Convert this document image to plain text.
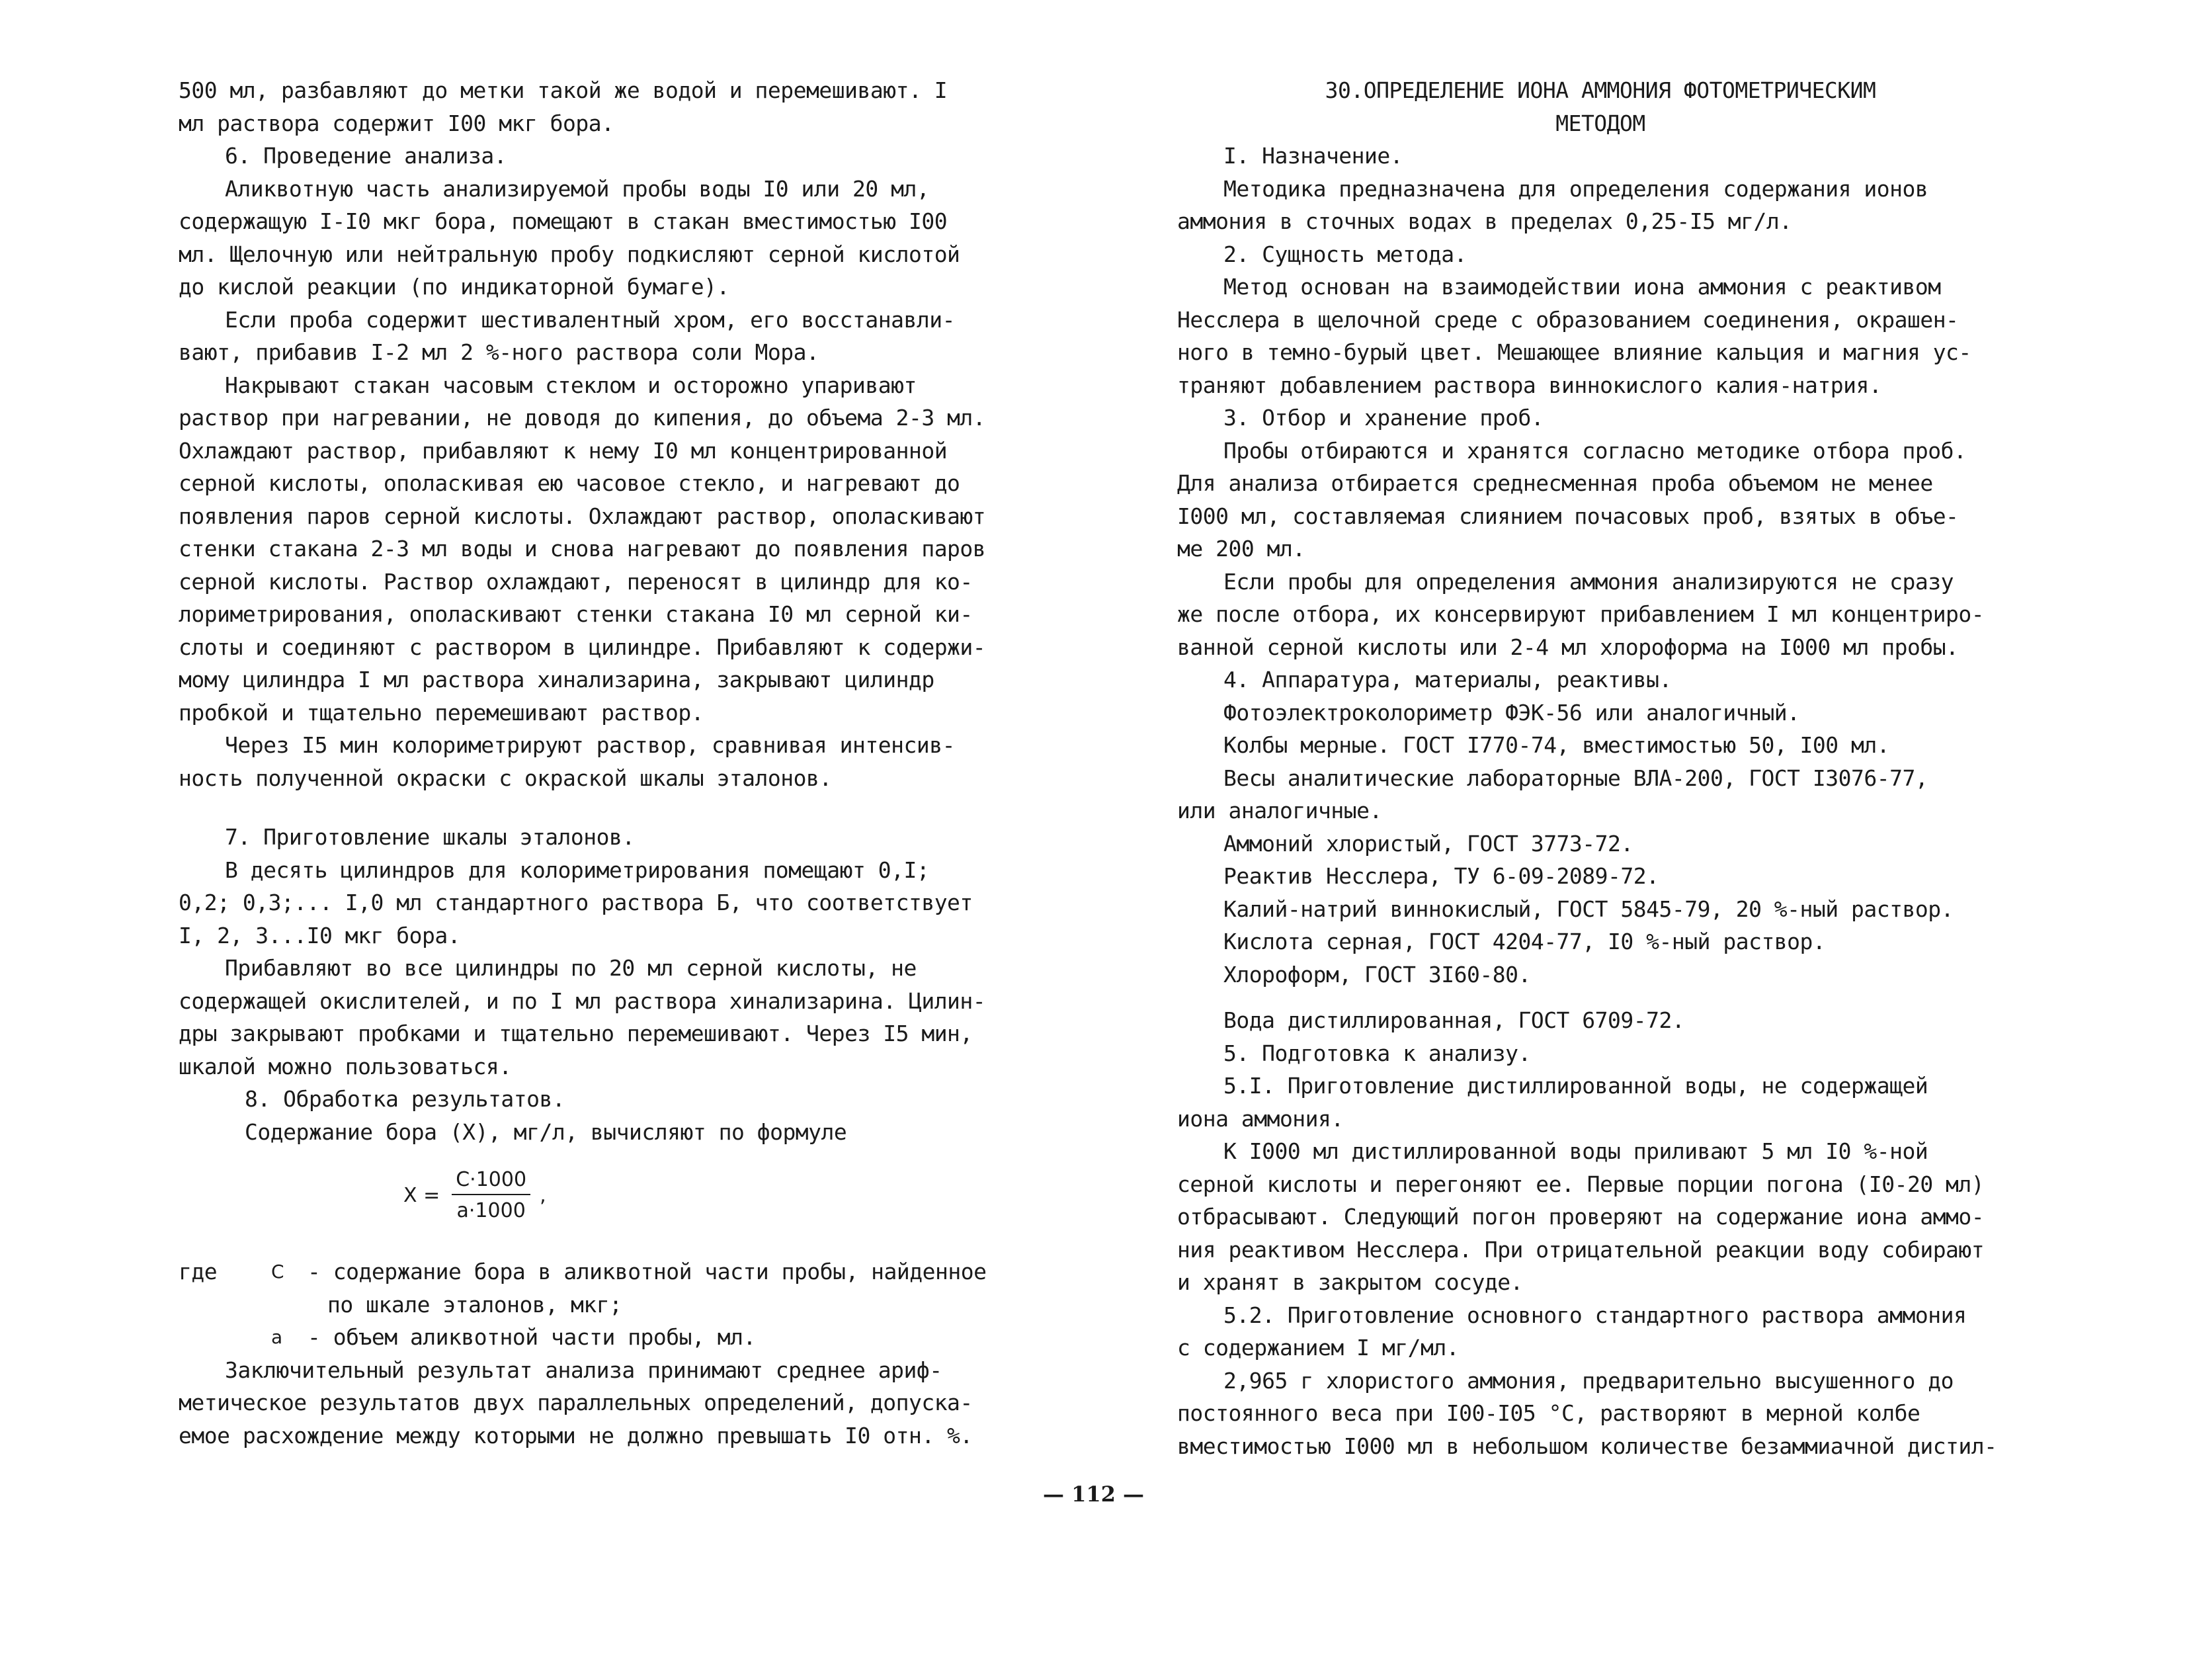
500 мл, разбавляют до метки такой же водой и перемешивают. I

мл раствора содержит I00 мкг бора.

6. Проведение анализа.

Аликвотную часть анализируемой пробы воды I0 или 20 мл,

содержащую I-I0 мкг бора, помещают в стакан вместимостью I00

мл. Щелочную или нейтральную пробу подкисляют серной кислотой

до кислой реакции (по индикаторной бумаге).

Если проба содержит шестивалентный хром, его восстанавли-

вают, прибавив I-2 мл 2 %-ного раствора соли Мора.

Накрывают стакан часовым стеклом и осторожно упаривают

раствор при нагревании, не доводя до кипения, до объема 2-3 мл.

Охлаждают раствор, прибавляют к нему I0 мл концентрированной

серной кислоты, ополаскивая ею часовое стекло, и нагревают до

появления паров серной кислоты. Охлаждают раствор, ополаскивают

стенки стакана 2-3 мл воды и снова нагревают до появления паров

серной кислоты. Раствор охлаждают, переносят в цилиндр для ко-

лориметрирования, ополаскивают стенки стакана I0 мл серной ки-

слоты и соединяют с раствором в цилиндре. Прибавляют к содержи-

мому цилиндра I мл раствора хинализарина, закрывают цилиндр

пробкой и тщательно перемешивают раствор.

Через I5 мин колориметрируют раствор, сравнивая интенсив-

ность полученной окраски с окраской шкалы эталонов.

7. Приготовление шкалы эталонов.

В десять цилиндров для колориметрирования помещают 0,I;

0,2; 0,3;... I,0 мл стандартного раствора Б, что соответствует

I, 2, 3...I0 мкг бора.

Прибавляют во все цилиндры по 20 мл серной кислоты, не

содержащей окислителей, и по I мл раствора хинализарина. Цилин-

дры закрывают пробками и тщательно перемешивают. Через I5 мин,

шкалой можно пользоваться.

8. Обработка результатов.

Содержание бора (Х), мг/л, вычисляют по формуле

$X = \frac{C\cdot 1000}{a\cdot 1000}$ ,
где	C	- содержание бора в аликвотной части пробы, найденное
по шкале эталонов, мкг;
a	- объем аликвотной части пробы, мл.

Заключительный результат анализа принимают среднее ариф-

метическое результатов двух параллельных определений, допуска-

емое расхождение между которыми не должно превышать I0 отн. %.

30.ОПРЕДЕЛЕНИЕ ИОНА АММОНИЯ ФОТОМЕТРИЧЕСКИМ

МЕТОДОМ

I. Назначение.

Методика предназначена для определения содержания ионов

аммония в сточных водах в пределах 0,25-I5 мг/л.

2. Сущность метода.

Метод основан на взаимодействии иона аммония с реактивом

Несслера в щелочной среде с образованием соединения, окрашен-

ного в темно-бурый цвет. Мешающее влияние кальция и магния ус-

траняют добавлением раствора виннокислого калия-натрия.

3. Отбор и хранение проб.

Пробы отбираются и хранятся согласно методике отбора проб.

Для анализа отбирается среднесменная проба объемом не менее

I000 мл, составляемая слиянием почасовых проб, взятых в объе-

ме 200 мл.

Если пробы для определения аммония анализируются не сразу

же после отбора, их консервируют прибавлением I мл концентриро-

ванной серной кислоты или 2-4 мл хлороформа на I000 мл пробы.

4. Аппаратура, материалы, реактивы.

Фотоэлектроколориметр ФЭК-56 или аналогичный.

Колбы мерные. ГОСТ I770-74, вместимостью 50, I00 мл.

Весы аналитические лабораторные ВЛА-200, ГОСТ I3076-77,

или аналогичные.

Аммоний хлористый, ГОСТ 3773-72.

Реактив Несслера, ТУ 6-09-2089-72.

Калий-натрий виннокислый, ГОСТ 5845-79, 20 %-ный раствор.

Кислота серная, ГОСТ 4204-77, I0 %-ный раствор.

Хлороформ, ГОСТ 3I60-80.

Вода дистиллированная, ГОСТ 6709-72.

5. Подготовка к анализу.

5.I. Приготовление дистиллированной воды, не содержащей

иона аммония.

К I000 мл дистиллированной воды приливают 5 мл I0 %-ной

серной кислоты и перегоняют ее. Первые порции погона (I0-20 мл)

отбрасывают. Следующий погон проверяют на содержание иона аммо-

ния реактивом Несслера. При отрицательной реакции воду собирают

и хранят в закрытом сосуде.

5.2. Приготовление основного стандартного раствора аммония

с содержанием I мг/мл.

2,965 г хлористого аммония, предварительно высушенного до

постоянного веса при I00-I05 °С, растворяют в мерной колбе

вместимостью I000 мл в небольшом количестве безаммиачной дистил-

— 112 —
